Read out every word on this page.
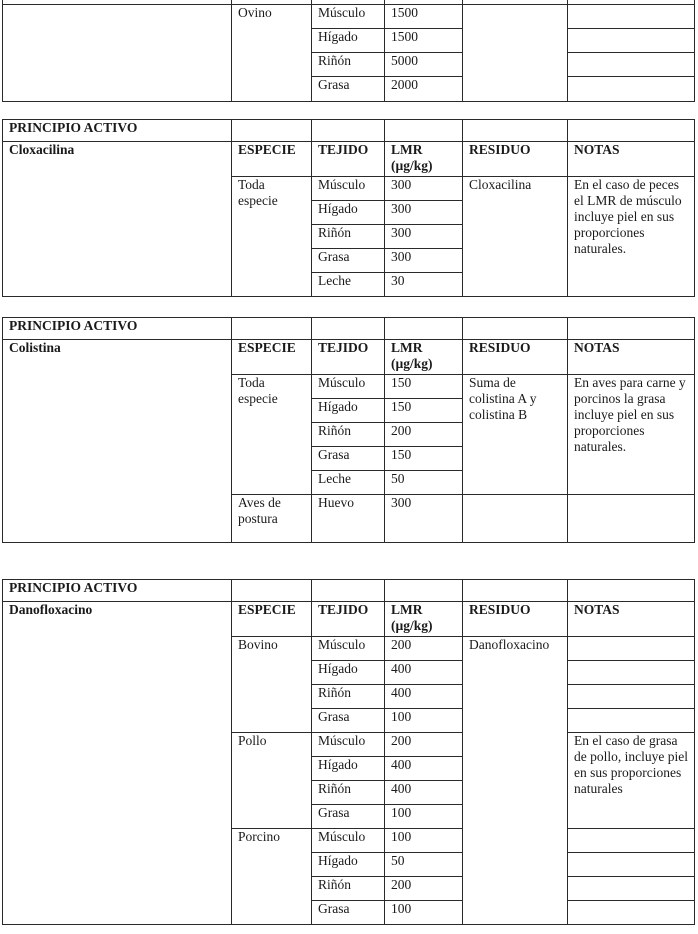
	Ovino	Músculo	1500		
		Hígado	1500		
		Riñón	5000		
		Grasa	2000		
PRINCIPIO ACTIVO					
Cloxacilina	ESPECIE	TEJIDO	LMR (µg/kg)	RESIDUO	NOTAS
	Toda especie	Músculo	300	Cloxacilina	En el caso de peces el LMR de músculo incluye piel en sus proporciones naturales.
		Hígado	300		
		Riñón	300		
		Grasa	300		
		Leche	30		
PRINCIPIO ACTIVO					
Colistina	ESPECIE	TEJIDO	LMR (µg/kg)	RESIDUO	NOTAS
	Toda especie	Músculo	150	Suma de colistina A y colistina B	En aves para carne y porcinos la grasa incluye piel en sus proporciones naturales.
		Hígado	150		
		Riñón	200		
		Grasa	150		
		Leche	50		
	Aves de postura	Huevo	300		
PRINCIPIO ACTIVO					
Danofloxacino	ESPECIE	TEJIDO	LMR (µg/kg)	RESIDUO	NOTAS
	Bovino	Músculo	200	Danofloxacino	
		Hígado	400		
		Riñón	400		
		Grasa	100		
	Pollo	Músculo	200		En el caso de grasa de pollo, incluye piel en sus proporciones naturales
		Hígado	400		
		Riñón	400		
		Grasa	100		
	Porcino	Músculo	100		
		Hígado	50		
		Riñón	200		
		Grasa	100		
